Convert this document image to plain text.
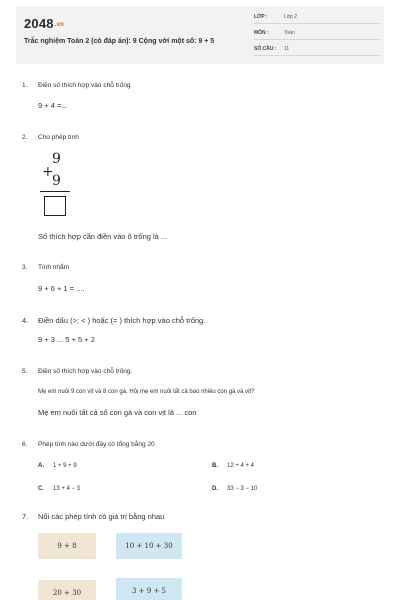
2048.vn
Trắc nghiệm Toán 2 (có đáp án): 9 Cộng với một số: 9 + 5
LỚP :	Lớp 2
MÔN :	Toán
SỐ CÂU : 11
1. Điền số thích hợp vào chỗ trống
9 + 4 =...
2. Cho phép tính
9
+
9
Số thích hợp cần điền vào ô trống là ...
3. Tính nhẩm
9 + 6 + 1 = ....
4. Điền dấu (>; < ) hoặc (= ) thích hợp vào chỗ trống.
9 + 3 ... 5 + 5 + 2
5. Điền số thích hợp vào chỗ trống.
Mẹ em nuôi 9 con vịt và 8 con gà. Hỏi mẹ em nuôi tất cả bao nhiêu con gà và vịt?
Mẹ em nuôi tất cả số con gà và con vịt là ... con
6. Phép tính nào dưới đây có tổng bằng 20
A. 1 + 9 + 9	B. 12 + 4 + 4
C. 13 + 4 − 3	D. 33 − 3 − 10
7. Nối các phép tính có giá trị bằng nhau
9 + 8	10 + 10 + 30
20 + 30	3 + 9 + 5
